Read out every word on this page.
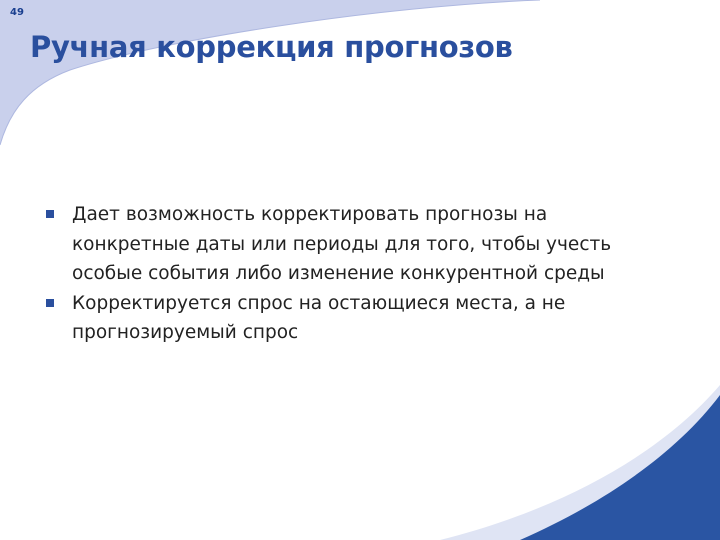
49
Ручная коррекция прогнозов
Дает возможность корректировать прогнозы на конкретные даты или периоды для того, чтобы учесть особые события либо изменение конкурентной среды
Корректируется спрос на остающиеся места, а не прогнозируемый спрос
